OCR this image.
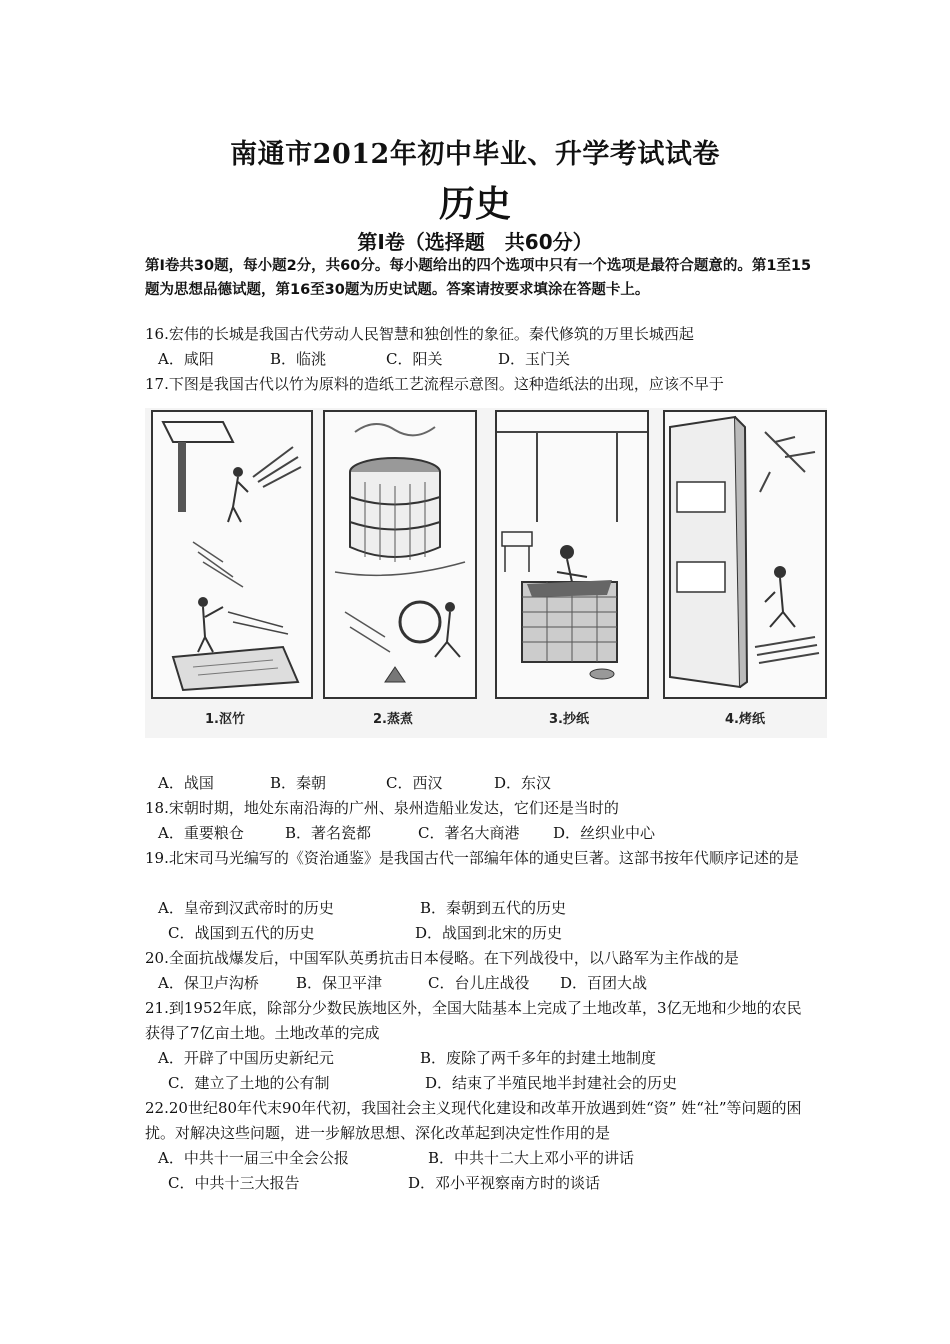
南通市2012年初中毕业、升学考试试卷
历史
第Ⅰ卷（选择题　共60分）
第Ⅰ卷共30题，每小题2分，共60分。每小题给出的四个选项中只有一个选项是最符合题意的。第1至15题为思想品德试题，第16至30题为历史试题。答案请按要求填涂在答题卡上。
16.宏伟的长城是我国古代劳动人民智慧和独创性的象征。秦代修筑的万里长城西起
A．咸阳	B．临洮	C．阳关	D．玉门关
17.下图是我国古代以竹为原料的造纸工艺流程示意图。这种造纸法的出现，应该不早于
1.沤竹	2.蒸煮	3.抄纸	4.烤纸
A．战国	B．秦朝	C．西汉	D．东汉
18.宋朝时期，地处东南沿海的广州、泉州造船业发达，它们还是当时的
A．重要粮仓	B．著名瓷都	C．著名大商港 D．丝织业中心
19.北宋司马光编写的《资治通鉴》是我国古代一部编年体的通史巨著。这部书按年代顺序记述的是
A．皇帝到汉武帝时的历史	B．秦朝到五代的历史
C．战国到五代的历史	D．战国到北宋的历史
20.全面抗战爆发后，中国军队英勇抗击日本侵略。在下列战役中，以八路军为主作战的是
A．保卫卢沟桥 B．保卫平津	C．台儿庄战役 D．百团大战
21.到1952年底，除部分少数民族地区外，全国大陆基本上完成了土地改革，3亿无地和少地的农民获得了7亿亩土地。土地改革的完成
A．开辟了中国历史新纪元	B．废除了两千多年的封建土地制度
C．建立了土地的公有制	D．结束了半殖民地半封建社会的历史
22.20世纪80年代末90年代初，我国社会主义现代化建设和改革开放遇到姓“资” 姓“社”等问题的困扰。对解决这些问题，进一步解放思想、深化改革起到决定性作用的是
A．中共十一届三中全会公报	B．中共十二大上邓小平的讲话
C．中共十三大报告	D．邓小平视察南方时的谈话
